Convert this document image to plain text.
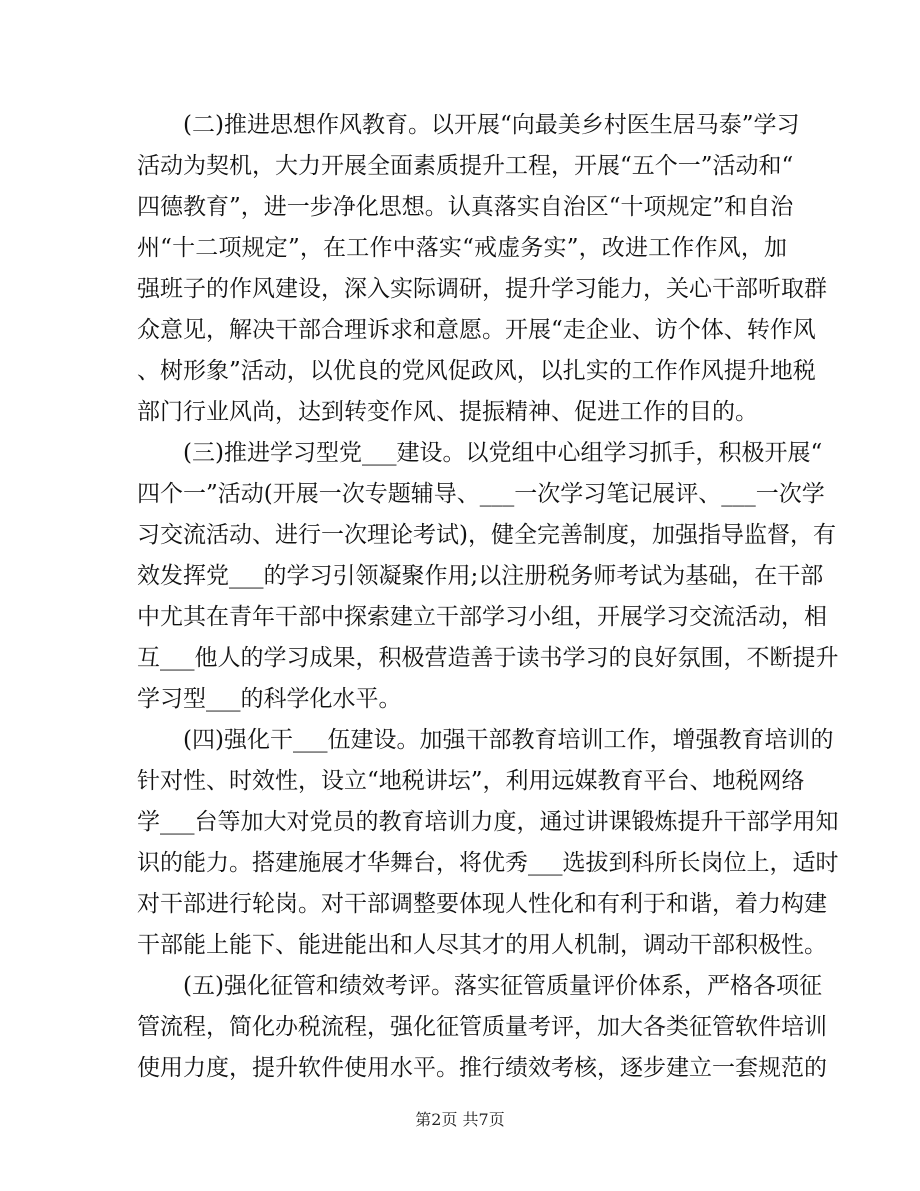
(二)推进思想作风教育。以开展“向最美乡村医生居马泰”学习
活动为契机，大力开展全面素质提升工程，开展“五个一”活动和“
四德教育”，进一步净化思想。认真落实自治区“十项规定”和自治
州“十二项规定”，在工作中落实“戒虚务实”，改进工作作风，加
强班子的作风建设，深入实际调研，提升学习能力，关心干部听取群
众意见，解决干部合理诉求和意愿。开展“走企业、访个体、转作风
、树形象”活动，以优良的党风促政风，以扎实的工作作风提升地税
部门行业风尚，达到转变作风、提振精神、促进工作的目的。
(三)推进学习型党___建设。以党组中心组学习抓手，积极开展“
四个一”活动(开展一次专题辅导、___一次学习笔记展评、___一次学
习交流活动、进行一次理论考试)，健全完善制度，加强指导监督，有
效发挥党___的学习引领凝聚作用;以注册税务师考试为基础，在干部
中尤其在青年干部中探索建立干部学习小组，开展学习交流活动，相
互___他人的学习成果，积极营造善于读书学习的良好氛围，不断提升
学习型___的科学化水平。
(四)强化干___伍建设。加强干部教育培训工作，增强教育培训的
针对性、时效性，设立“地税讲坛”，利用远媒教育平台、地税网络
学___台等加大对党员的教育培训力度，通过讲课锻炼提升干部学用知
识的能力。搭建施展才华舞台，将优秀___选拔到科所长岗位上，适时
对干部进行轮岗。对干部调整要体现人性化和有利于和谐，着力构建
干部能上能下、能进能出和人尽其才的用人机制，调动干部积极性。
(五)强化征管和绩效考评。落实征管质量评价体系，严格各项征
管流程，简化办税流程，强化征管质量考评，加大各类征管软件培训
使用力度，提升软件使用水平。推行绩效考核，逐步建立一套规范的
第2页 共7页
